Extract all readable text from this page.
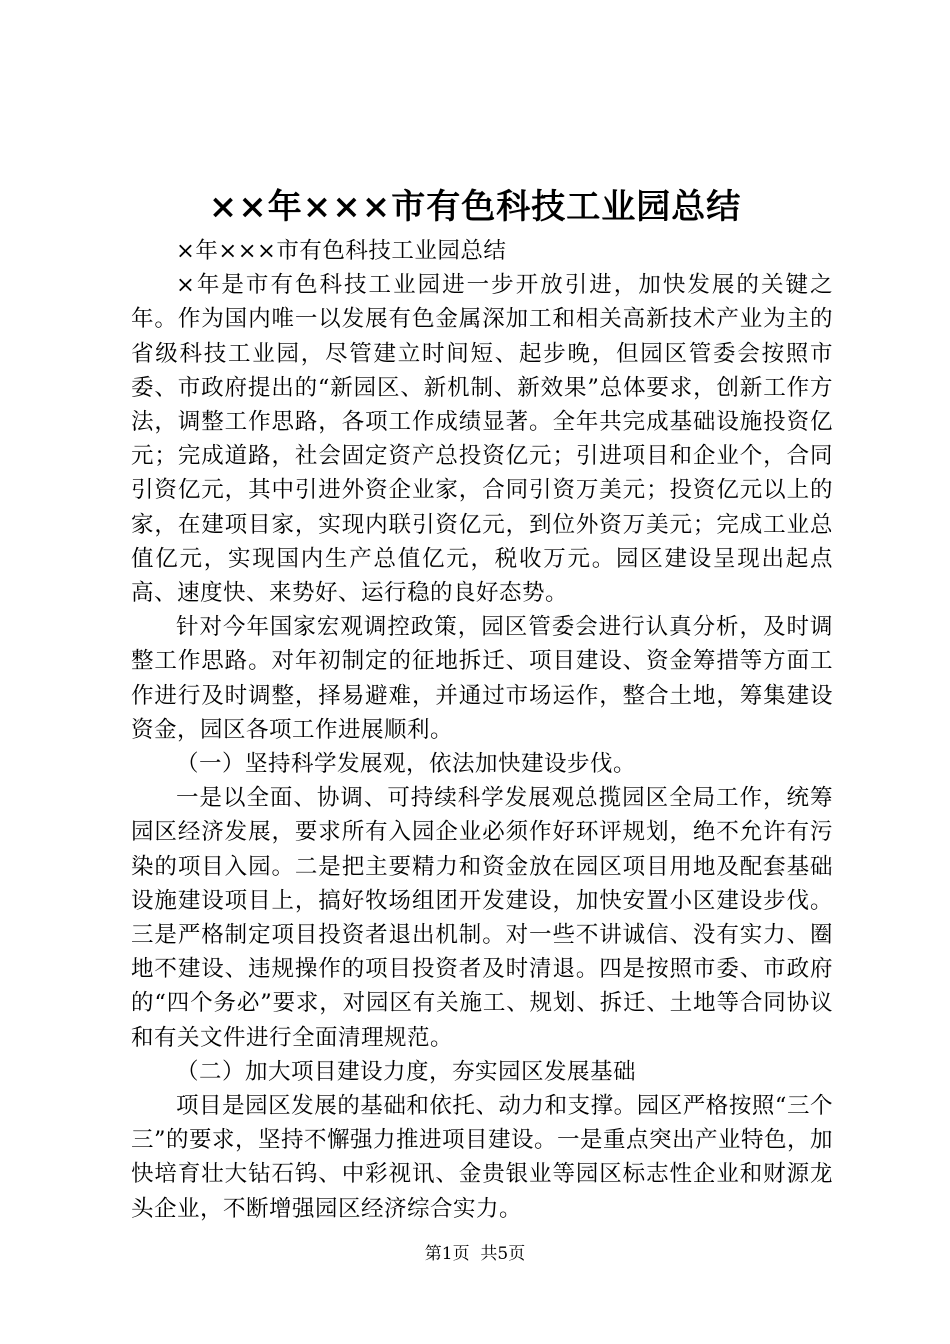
××年×××市有色科技工业园总结

×年×××市有色科技工业园总结

×年是市有色科技工业园进一步开放引进，加快发展的关键之年。作为国内唯一以发展有色金属深加工和相关高新技术产业为主的省级科技工业园，尽管建立时间短、起步晚，但园区管委会按照市委、市政府提出的“新园区、新机制、新效果”总体要求，创新工作方法，调整工作思路，各项工作成绩显著。全年共完成基础设施投资亿元；完成道路，社会固定资产总投资亿元；引进项目和企业个，合同引资亿元，其中引进外资企业家，合同引资万美元；投资亿元以上的家，在建项目家，实现内联引资亿元，到位外资万美元；完成工业总值亿元，实现国内生产总值亿元，税收万元。园区建设呈现出起点高、速度快、来势好、运行稳的良好态势。

针对今年国家宏观调控政策，园区管委会进行认真分析，及时调整工作思路。对年初制定的征地拆迁、项目建设、资金筹措等方面工作进行及时调整，择易避难，并通过市场运作，整合土地，筹集建设资金，园区各项工作进展顺利。

（一）坚持科学发展观，依法加快建设步伐。

一是以全面、协调、可持续科学发展观总揽园区全局工作，统筹园区经济发展，要求所有入园企业必须作好环评规划，绝不允许有污染的项目入园。二是把主要精力和资金放在园区项目用地及配套基础设施建设项目上，搞好牧场组团开发建设，加快安置小区建设步伐。三是严格制定项目投资者退出机制。对一些不讲诚信、没有实力、圈地不建设、违规操作的项目投资者及时清退。四是按照市委、市政府的“四个务必”要求，对园区有关施工、规划、拆迁、土地等合同协议和有关文件进行全面清理规范。

（二）加大项目建设力度，夯实园区发展基础

项目是园区发展的基础和依托、动力和支撑。园区严格按照“三个三”的要求，坚持不懈强力推进项目建设。一是重点突出产业特色，加快培育壮大钻石钨、中彩视讯、金贵银业等园区标志性企业和财源龙头企业，不断增强园区经济综合实力。

第1页 共5页
